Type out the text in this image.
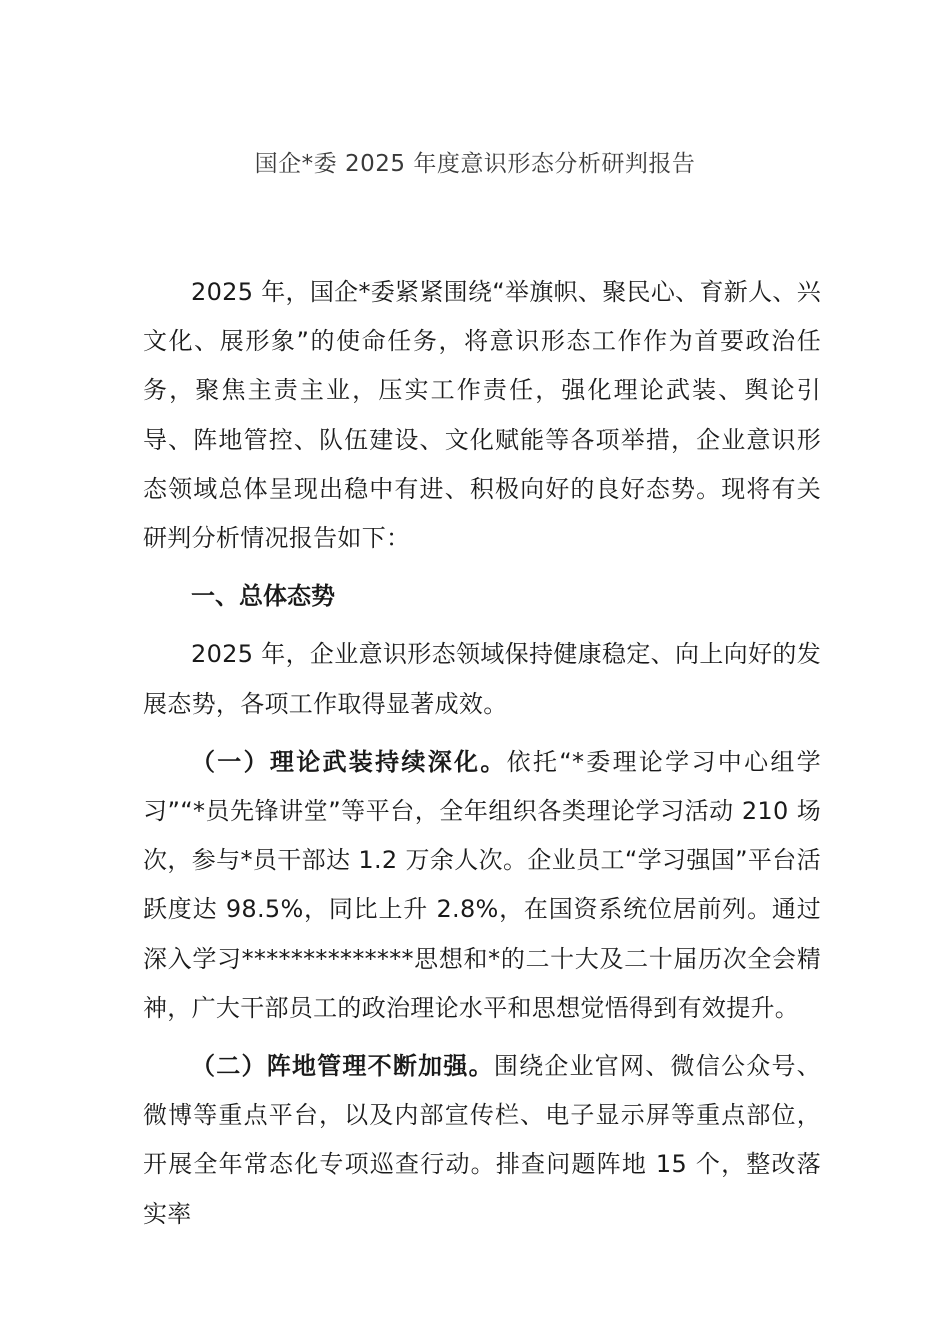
国企*委 2025 年度意识形态分析研判报告

2025 年，国企*委紧紧围绕“举旗帜、聚民心、育新人、兴文化、展形象”的使命任务，将意识形态工作作为首要政治任务，聚焦主责主业，压实工作责任，强化理论武装、舆论引导、阵地管控、队伍建设、文化赋能等各项举措，企业意识形态领域总体呈现出稳中有进、积极向好的良好态势。现将有关研判分析情况报告如下：

一、总体态势

2025 年，企业意识形态领域保持健康稳定、向上向好的发展态势，各项工作取得显著成效。

（一）理论武装持续深化。依托“*委理论学习中心组学习”“*员先锋讲堂”等平台，全年组织各类理论学习活动 210 场次，参与*员干部达 1.2 万余人次。企业员工“学习强国”平台活跃度达 98.5%，同比上升 2.8%，在国资系统位居前列。通过深入学习**************思想和*的二十大及二十届历次全会精神，广大干部员工的政治理论水平和思想觉悟得到有效提升。

（二）阵地管理不断加强。围绕企业官网、微信公众号、微博等重点平台，以及内部宣传栏、电子显示屏等重点部位，开展全年常态化专项巡查行动。排查问题阵地 15 个，整改落实率
